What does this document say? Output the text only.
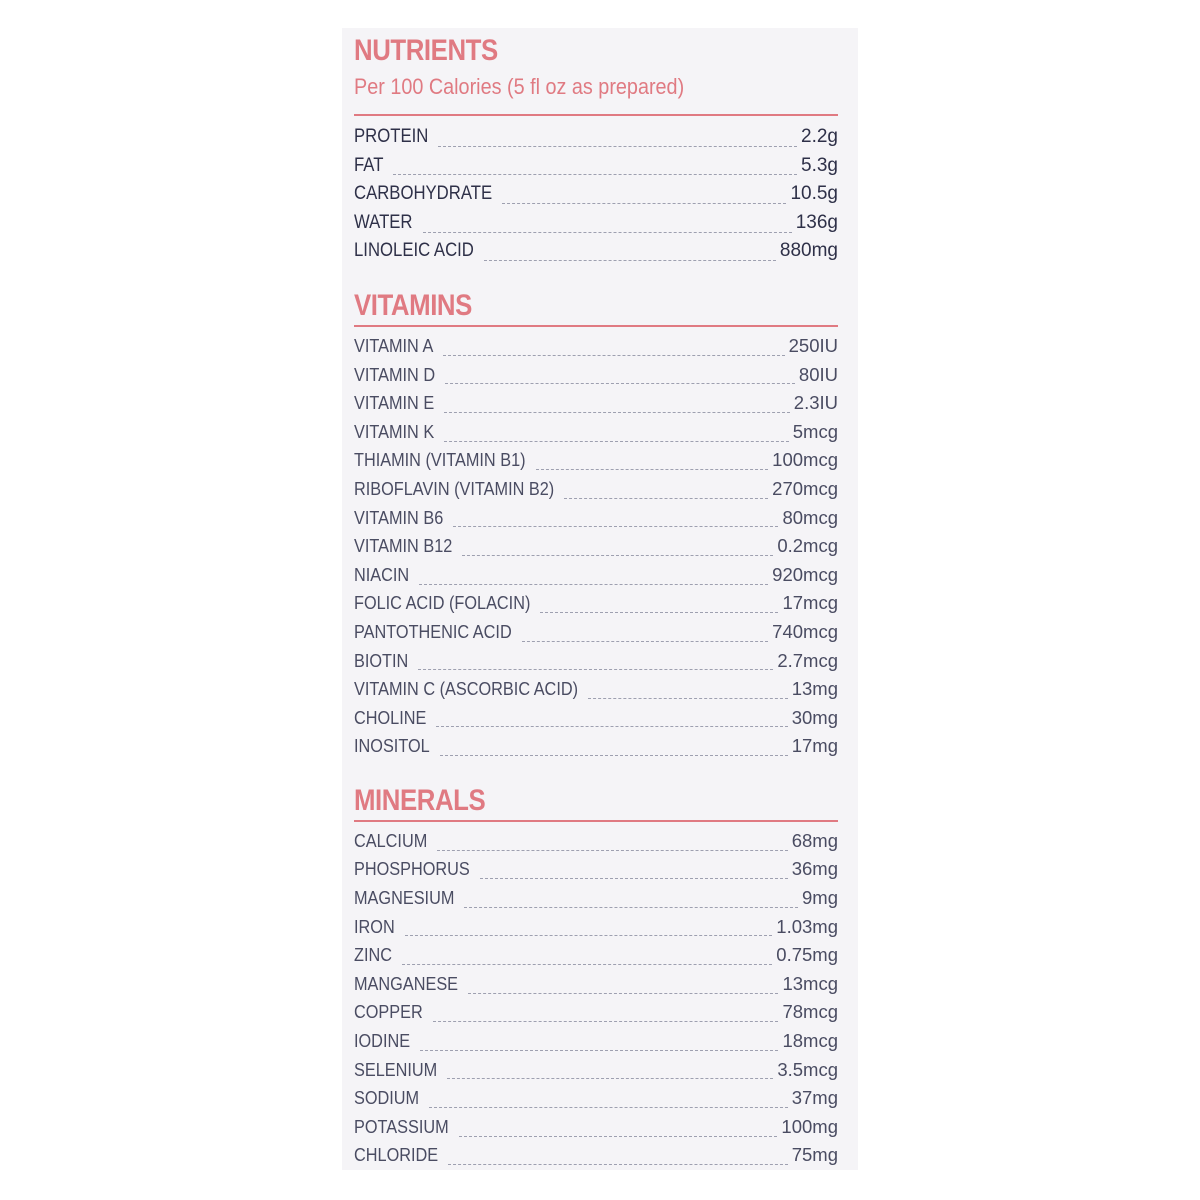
NUTRIENTS
Per 100 Calories (5 fl oz as prepared)
PROTEIN	2.2g
FAT	5.3g
CARBOHYDRATE	10.5g
WATER	136g
LINOLEIC ACID	880mg
VITAMINS
VITAMIN A	250IU
VITAMIN D	80IU
VITAMIN E	2.3IU
VITAMIN K	5mcg
THIAMIN (VITAMIN B1)	100mcg
RIBOFLAVIN (VITAMIN B2)	270mcg
VITAMIN B6	80mcg
VITAMIN B12	0.2mcg
NIACIN	920mcg
FOLIC ACID (FOLACIN)	17mcg
PANTOTHENIC ACID	740mcg
BIOTIN	2.7mcg
VITAMIN C (ASCORBIC ACID)	13mg
CHOLINE	30mg
INOSITOL	17mg
MINERALS
CALCIUM	68mg
PHOSPHORUS	36mg
MAGNESIUM	9mg
IRON	1.03mg
ZINC	0.75mg
MANGANESE	13mcg
COPPER	78mcg
IODINE	18mcg
SELENIUM	3.5mcg
SODIUM	37mg
POTASSIUM	100mg
CHLORIDE	75mg
